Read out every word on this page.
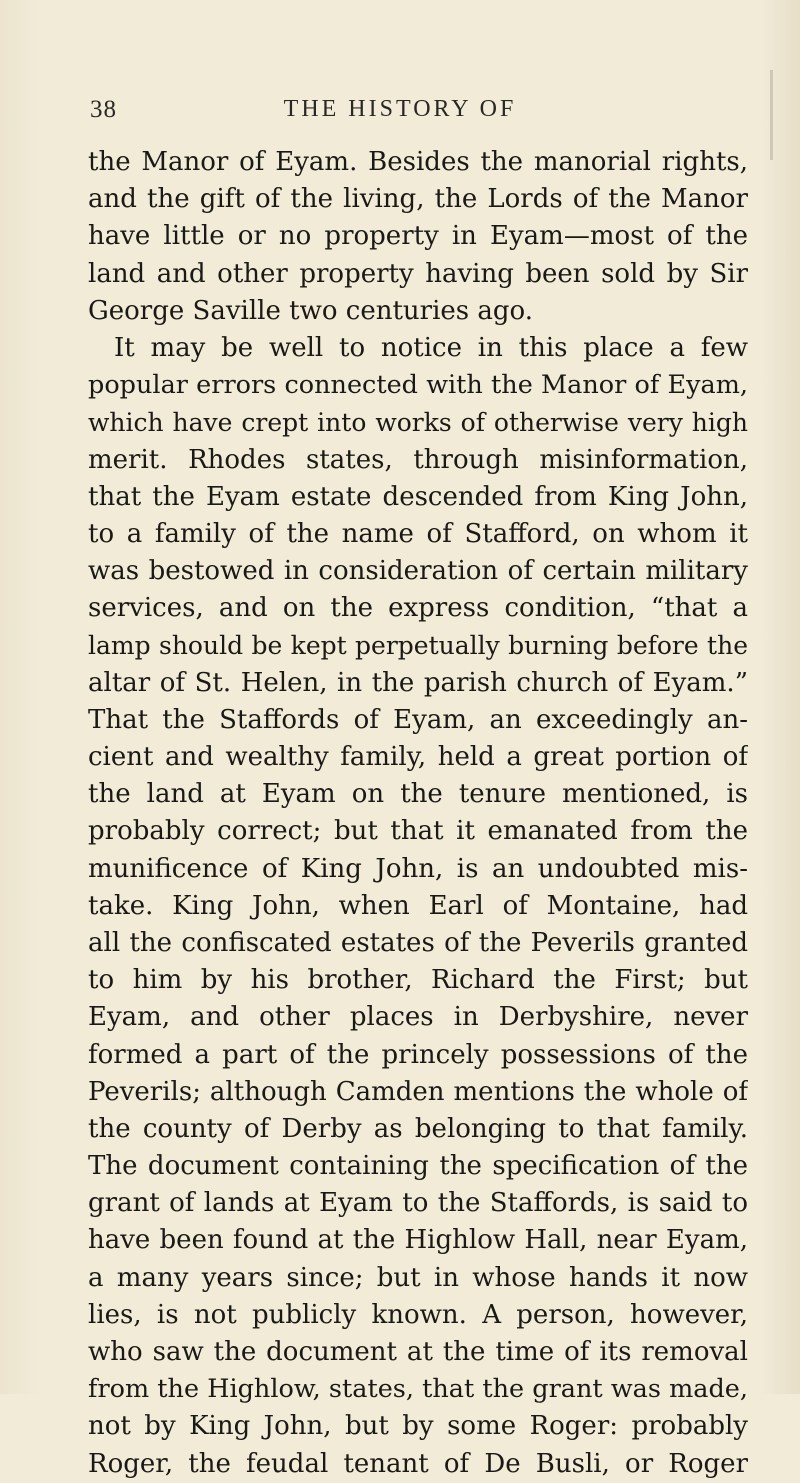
38	THE HISTORY OF
the Manor of Eyam. Besides the manorial rights,
and the gift of the living, the Lords of the Manor
have little or no property in Eyam—most of the
land and other property having been sold by Sir
George Saville two centuries ago.
It may be well to notice in this place a few
popular errors connected with the Manor of Eyam,
which have crept into works of otherwise very high
merit. Rhodes states, through misinformation,
that the Eyam estate descended from King John,
to a family of the name of Stafford, on whom it
was bestowed in consideration of certain military
services, and on the express condition, “that a
lamp should be kept perpetually burning before the
altar of St. Helen, in the parish church of Eyam.”
That the Staffords of Eyam, an exceedingly an-
cient and wealthy family, held a great portion of
the land at Eyam on the tenure mentioned, is
probably correct; but that it emanated from the
munificence of King John, is an undoubted mis-
take. King John, when Earl of Montaine, had
all the confiscated estates of the Peverils granted
to him by his brother, Richard the First; but
Eyam, and other places in Derbyshire, never
formed a part of the princely possessions of the
Peverils; although Camden mentions the whole of
the county of Derby as belonging to that family.
The document containing the specification of the
grant of lands at Eyam to the Staffords, is said to
have been found at the Highlow Hall, near Eyam,
a many years since; but in whose hands it now
lies, is not publicly known. A person, however,
who saw the document at the time of its removal
from the Highlow, states, that the grant was made,
not by King John, but by some Roger: probably
Roger, the feudal tenant of De Busli, or Roger
